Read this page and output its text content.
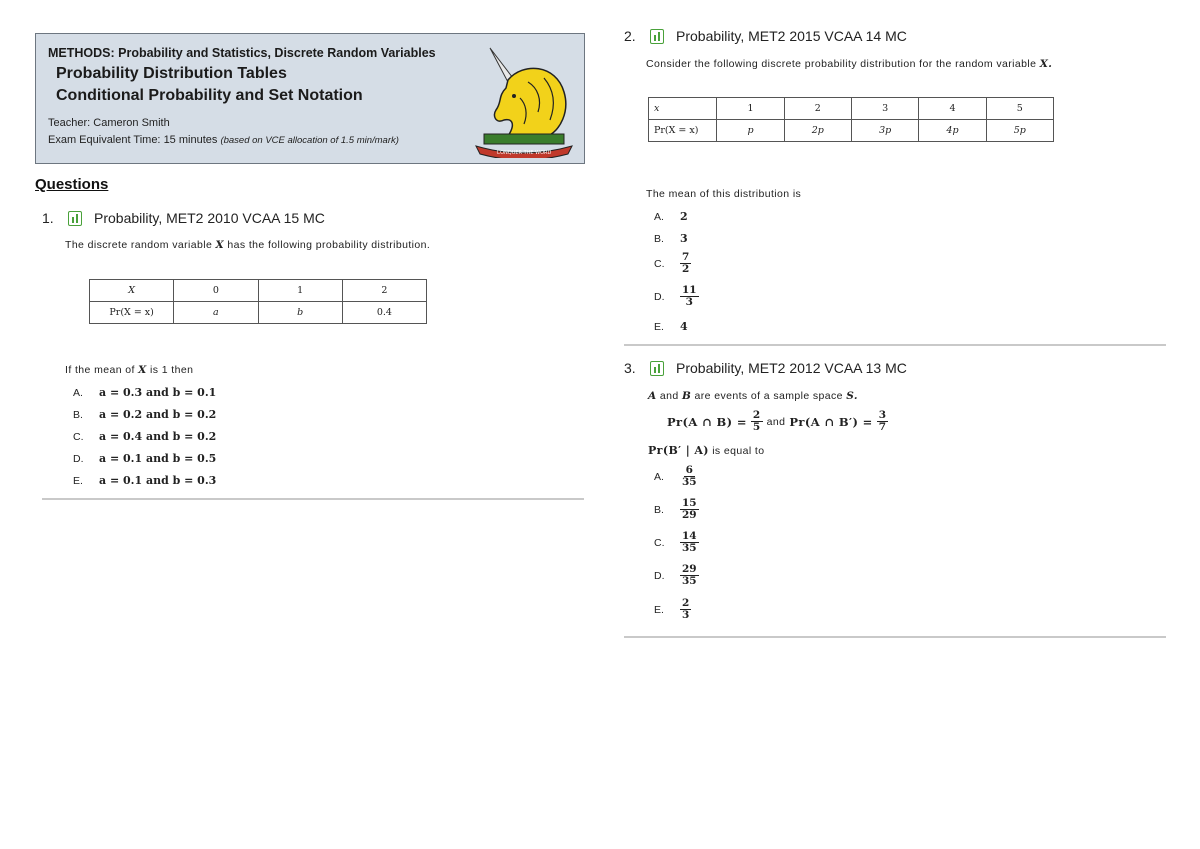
METHODS: Probability and Statistics, Discrete Random Variables
Probability Distribution Tables
Conditional Probability and Set Notation
Teacher: Cameron Smith
Exam Equivalent Time: 15 minutes (based on VCE allocation of 1.5 min/mark)
CONQUER THE WORD
Questions
1.	Probability, MET2 2010 VCAA 15 MC
The discrete random variable X has the following probability distribution.
X	0	1	2
Pr(X = x)	a	b	0.4
If the mean of X is 1 then
A.	a = 0.3 and b = 0.1
B.	a = 0.2 and b = 0.2
C.	a = 0.4 and b = 0.2
D.	a = 0.1 and b = 0.5
E.	a = 0.1 and b = 0.3
2.	Probability, MET2 2015 VCAA 14 MC
Consider the following discrete probability distribution for the random variable X.
x	1	2	3	4	5
Pr(X = x)	p	2p	3p	4p	5p
The mean of this distribution is
A.	2
B.	3
C.	$\frac{7}{2}$
D.	$\frac{11}{3}$
E.	4
3.	Probability, MET2 2012 VCAA 13 MC
A and B are events of a sample space S.
Pr(A ∩ $B) = \frac{2}{5}$ and Pr(A ∩ $B') = \frac{3}{7}$
Pr(B′ | A) is equal to
A.	$\frac{6}{35}$
B.	$\frac{15}{29}$
C.	$\frac{14}{35}$
D.	$\frac{29}{35}$
E.	$\frac{2}{3}$
